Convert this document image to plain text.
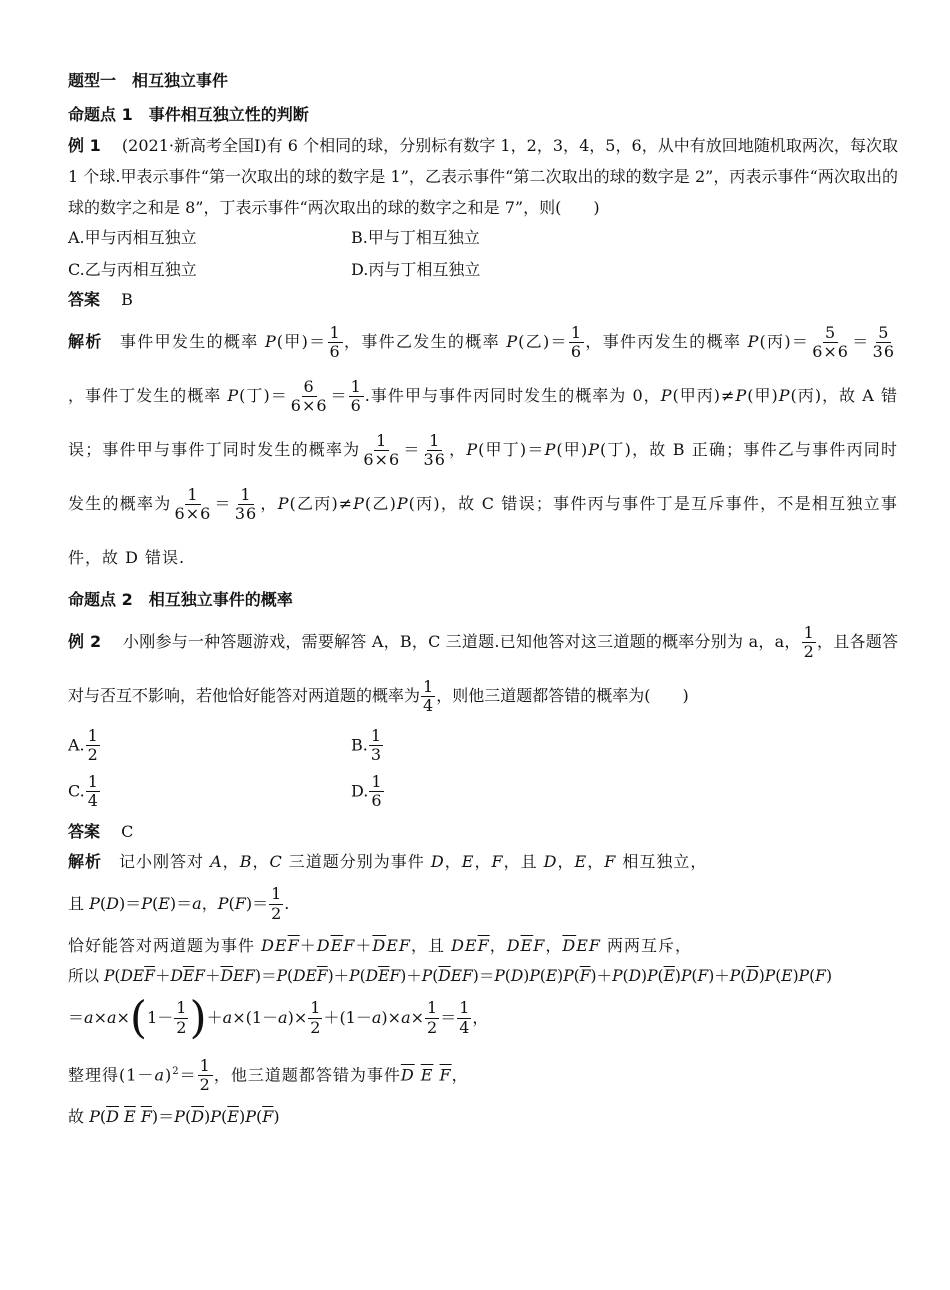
题型一　相互独立事件
命题点 1　事件相互独立性的判断
例 1　 (2021·新高考全国Ⅰ)有 6 个相同的球，分别标有数字 1，2，3，4，5，6，从中有放回地随机取两次，每次取 1 个球.甲表示事件“第一次取出的球的数字是 1”，乙表示事件“第二次取出的球的数字是 2”，丙表示事件“两次取出的球的数字之和是 8”，丁表示事件“两次取出的球的数字之和是 7”，则(　　)
A.甲与丙相互独立	B.甲与丁相互独立
C.乙与丙相互独立	D.丙与丁相互独立
答案　 B
解析　事件甲发生的概率 P(甲)＝ $\frac{1}{6}$ ，事件乙发生的概率 P(乙)＝ $\frac{1}{6}$ ，事件丙发生的概率 P(丙)＝ $\frac{5}{6\times 6} = \frac{5}{36}$
，事件丁发生的概率 P(丁)＝ $\frac{6}{6\times 6} = \frac{1}{6}$ .事件甲与事件丙同时发生的概率为 0，P(甲丙)≠P(甲)P(丙)，故 A 错误；事件甲与事件丁同时发生的概率为 $\frac{1}{6\times 6} = \frac{1}{36}$ ，P(甲丁)＝P(甲)P(丁)，故 B 正确；事件乙与事件丙同时发生的概率为 $\frac{1}{6\times 6} = \frac{1}{36}$ ，P(乙丙)≠P(乙)P(丙)，故 C 错误；事件丙与事件丁是互斥事件，不是相互独立事件，故 D 错误.
命题点 2　相互独立事件的概率
例 2　 小刚参与一种答题游戏，需要解答 A，B，C 三道题.已知他答对这三道题的概率分别为 a，a， $\frac{1}{2}$ ，且各题答对与否互不影响，若他恰好能答对两道题的概率为 $\frac{1}{4}$ ，则他三道题都答错的概率为(　　)
A. $\frac{1}{2}$	B. $\frac{1}{3}$
C. $\frac{1}{4}$	D. $\frac{1}{6}$
答案　 C
解析　记小刚答对 A，B，C 三道题分别为事件 D，E，F，且 D，E，F 相互独立，
且 P(D)＝P(E)＝a，$P(F)= \frac{1}{2}$ .
恰好能答对两道题为事件 $DE\overline{F}+D\overline{E}F+\overline{D}EF$，且 $DE\overline{F}$，$D\overline{E}F$，$\overline{D}EF$ 两两互斥，
所以 $P(DE\overline{F}+D\overline{E}F+\overline{D}EF)=P(DE\overline{F})+P(D\overline{E}F)+P(\overline{D}EF)=P(D)P(E)P(\overline{F})+P(D)P(\overline{E})P(F)+P(\overline{D})P(E)P(F)$
$=a\times a\times(1- \frac{1}{2} )+a\times(1-a)\times \frac{1}{2} +(1-a)\times a\times \frac{1}{2} = \frac{1}{4}$ ，
整理得$(1-a)^2= \frac{1}{2}$ ，他三道题都答错为事件$\overline{D}$ $\overline{E}$ $\overline{F}$，
故 $P(\overline{D}$ $\overline{E}$ $\overline{F})=P(\overline{D})P(\overline{E})P(\overline{F})$
